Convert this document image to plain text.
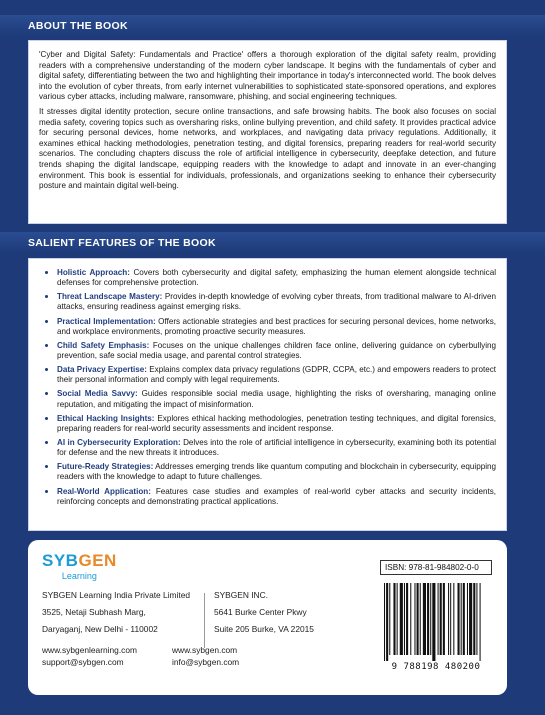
ABOUT THE BOOK

'Cyber and Digital Safety: Fundamentals and Practice' offers a thorough exploration of the digital safety realm, providing readers with a comprehensive understanding of the modern cyber landscape. It begins with the fundamentals of cyber and digital safety, differentiating between the two and highlighting their importance in today's interconnected world. The book delves into the evolution of cyber threats, from early internet vulnerabilities to sophisticated state-sponsored operations, and explores various cyber attacks, including malware, ransomware, phishing, and social engineering techniques.

It stresses digital identity protection, secure online transactions, and safe browsing habits. The book also focuses on social media safety, covering topics such as oversharing risks, online bullying prevention, and child safety. It provides practical advice for securing personal devices, home networks, and workplaces, and navigating data privacy regulations. Additionally, it examines ethical hacking methodologies, penetration testing, and digital forensics, preparing readers for real-world security scenarios. The concluding chapters discuss the role of artificial intelligence in cybersecurity, deepfake detection, and future trends shaping the digital landscape, equipping readers with the knowledge to adapt and innovate in an ever-changing environment. This book is essential for individuals, professionals, and organizations seeking to enhance their cybersecurity posture and maintain digital well-being.

SALIENT FEATURES OF THE BOOK
• Holistic Approach: Covers both cybersecurity and digital safety, emphasizing the human element alongside technical defenses for comprehensive protection.
• Threat Landscape Mastery: Provides in-depth knowledge of evolving cyber threats, from traditional malware to AI-driven attacks, ensuring readiness against emerging risks.
• Practical Implementation: Offers actionable strategies and best practices for securing personal devices, home networks, and workplace environments, promoting proactive security measures.
• Child Safety Emphasis: Focuses on the unique challenges children face online, delivering guidance on cyberbullying prevention, safe social media usage, and parental control strategies.
• Data Privacy Expertise: Explains complex data privacy regulations (GDPR, CCPA, etc.) and empowers readers to protect their personal information and comply with legal requirements.
• Social Media Savvy: Guides responsible social media usage, highlighting the risks of oversharing, managing online reputation, and mitigating the impact of misinformation.
• Ethical Hacking Insights: Explores ethical hacking methodologies, penetration testing techniques, and digital forensics, preparing readers for real-world security assessments and incident response.
• AI in Cybersecurity Exploration: Delves into the role of artificial intelligence in cybersecurity, examining both its potential for defense and the new threats it introduces.
• Future-Ready Strategies: Addresses emerging trends like quantum computing and blockchain in cybersecurity, equipping readers with the knowledge to adapt to future challenges.
• Real-World Application: Features case studies and examples of real-world cyber attacks and security incidents, reinforcing concepts and demonstrating practical applications.
SYBGEN
Learning
SYBGEN Learning India Private Limited
3525, Netaji Subhash Marg,
Daryaganj, New Delhi - 110002
SYBGEN INC.
5641 Burke Center Pkwy
Suite 205 Burke, VA 22015
www.sybgenlearning.com
support@sybgen.com
www.sybgen.com
info@sybgen.com
ISBN: 978-81-984802-0-0
9 788198 480200
